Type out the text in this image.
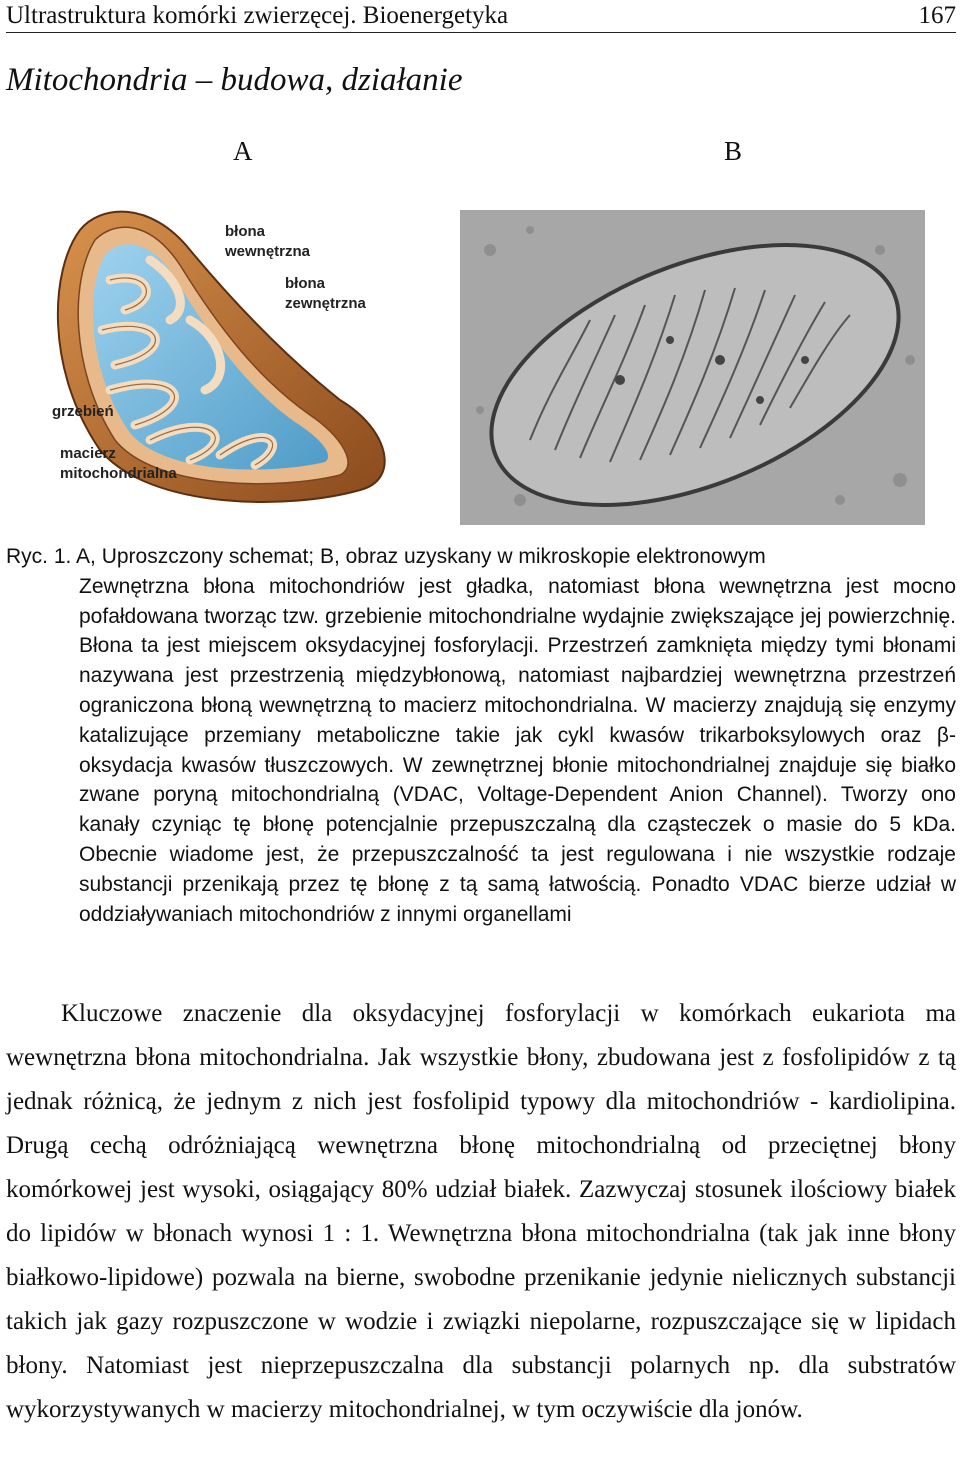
Ultrastruktura komórki zwierzęcej. Bioenergetyka	167
Mitochondria – budowa, działanie
A	B
błona
wewnętrzna
błona
zewnętrzna
grzebień
macierz
mitochondrialna
Ryc. 1. A, Uproszczony schemat; B, obraz uzyskany w mikroskopie elektronowym
Zewnętrzna błona mitochondriów jest gładka, natomiast błona wewnętrzna jest mocno pofałdowana tworząc tzw. grzebienie mitochondrialne wydajnie zwiększające jej powierzchnię. Błona ta jest miejscem oksydacyjnej fosforylacji. Przestrzeń zamknięta między tymi błonami nazywana jest przestrzenią międzybłonową, natomiast najbardziej wewnętrzna przestrzeń ograniczona błoną wewnętrzną to macierz mitochondrialna. W macierzy znajdują się enzymy katalizujące przemiany metaboliczne takie jak cykl kwasów trikarboksylowych oraz β-oksydacja kwasów tłuszczowych. W zewnętrznej błonie mitochondrialnej znajduje się białko zwane poryną mitochondrialną (VDAC, Voltage-Dependent Anion Channel). Tworzy ono kanały czyniąc tę błonę potencjalnie przepuszczalną dla cząsteczek o masie do 5 kDa. Obecnie wiadome jest, że przepuszczalność ta jest regulowana i nie wszystkie rodzaje substancji przenikają przez tę błonę z tą samą łatwością. Ponadto VDAC bierze udział w oddziaływaniach mitochondriów z innymi organellami

Kluczowe znaczenie dla oksydacyjnej fosforylacji w komórkach eukariota ma wewnętrzna błona mitochondrialna. Jak wszystkie błony, zbudowana jest z fosfolipidów z tą jednak różnicą, że jednym z nich jest fosfolipid typowy dla mitochondriów - kardiolipina. Drugą cechą odróżniającą wewnętrzna błonę mitochondrialną od przeciętnej błony komórkowej jest wysoki, osiągający 80% udział białek. Zazwyczaj stosunek ilościowy białek do lipidów w błonach wynosi 1 : 1. Wewnętrzna błona mitochondrialna (tak jak inne błony białkowo-lipidowe) pozwala na bierne, swobodne przenikanie jedynie nielicznych substancji takich jak gazy rozpuszczone w wodzie i związki niepolarne, rozpuszczające się w lipidach błony. Natomiast jest nieprzepuszczalna dla substancji polarnych np. dla substratów wykorzystywanych w macierzy mitochondrialnej, w tym oczywiście dla jonów.
